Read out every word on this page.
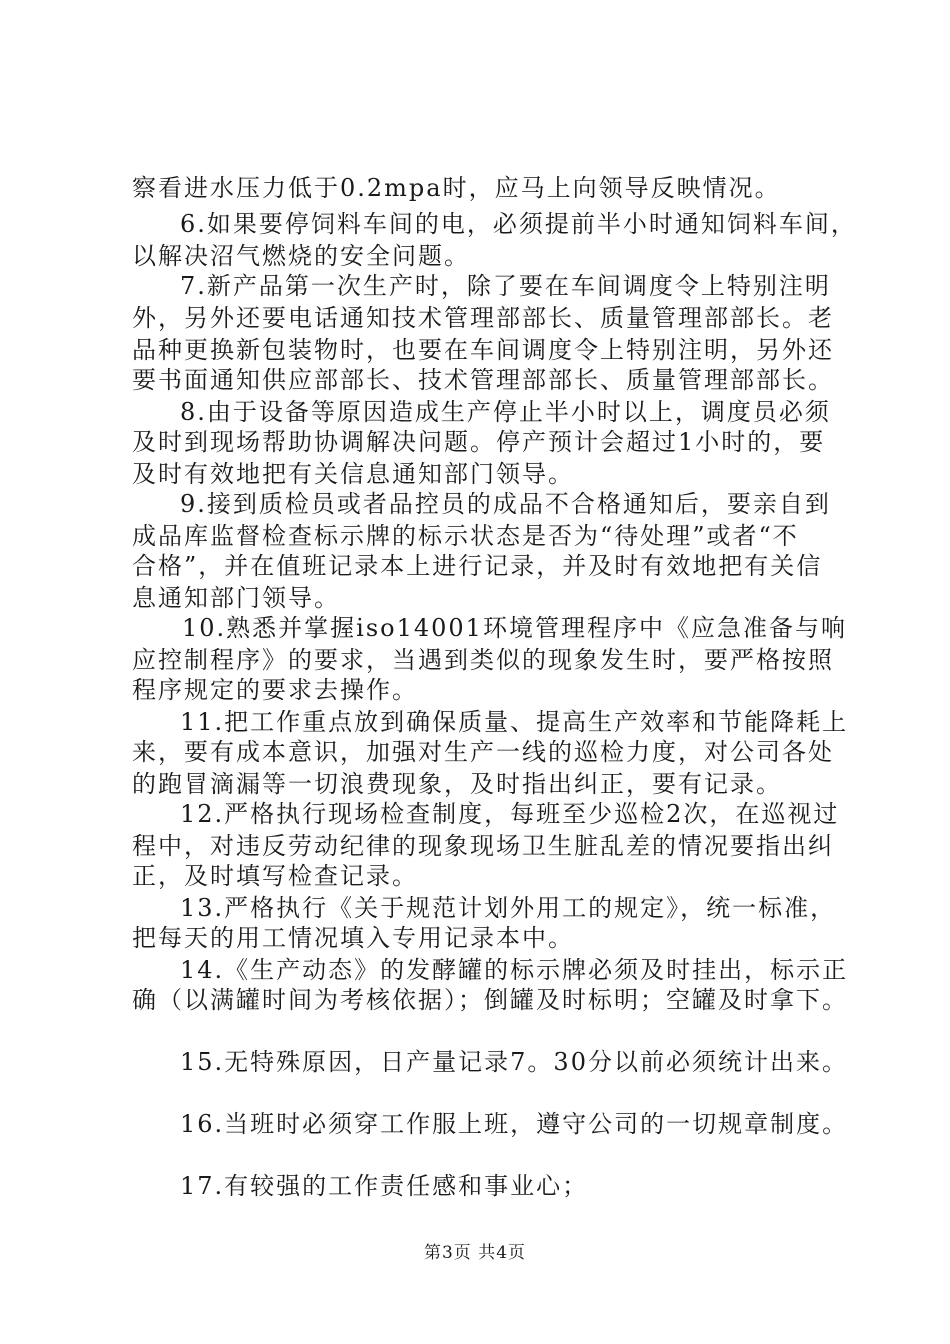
察看进水压力低于0.2mpa时，应马上向领导反映情况。
6.如果要停饲料车间的电，必须提前半小时通知饲料车间，
以解决沼气燃烧的安全问题。
7.新产品第一次生产时，除了要在车间调度令上特别注明
外，另外还要电话通知技术管理部部长、质量管理部部长。老
品种更换新包装物时，也要在车间调度令上特别注明，另外还
要书面通知供应部部长、技术管理部部长、质量管理部部长。
8.由于设备等原因造成生产停止半小时以上，调度员必须
及时到现场帮助协调解决问题。停产预计会超过1小时的，要
及时有效地把有关信息通知部门领导。
9.接到质检员或者品控员的成品不合格通知后，要亲自到
成品库监督检查标示牌的标示状态是否为“待处理”或者“不
合格”，并在值班记录本上进行记录，并及时有效地把有关信
息通知部门领导。
10.熟悉并掌握iso14001环境管理程序中《应急准备与响
应控制程序》的要求，当遇到类似的现象发生时，要严格按照
程序规定的要求去操作。
11.把工作重点放到确保质量、提高生产效率和节能降耗上
来，要有成本意识，加强对生产一线的巡检力度，对公司各处
的跑冒滴漏等一切浪费现象，及时指出纠正，要有记录。
12.严格执行现场检查制度，每班至少巡检2次，在巡视过
程中，对违反劳动纪律的现象现场卫生脏乱差的情况要指出纠
正，及时填写检查记录。
13.严格执行《关于规范计划外用工的规定》，统一标准，
把每天的用工情况填入专用记录本中。
14.《生产动态》的发酵罐的标示牌必须及时挂出，标示正
确（以满罐时间为考核依据）；倒罐及时标明；空罐及时拿下。
15.无特殊原因，日产量记录7。30分以前必须统计出来。
16.当班时必须穿工作服上班，遵守公司的一切规章制度。
17.有较强的工作责任感和事业心；
第3页 共4页
